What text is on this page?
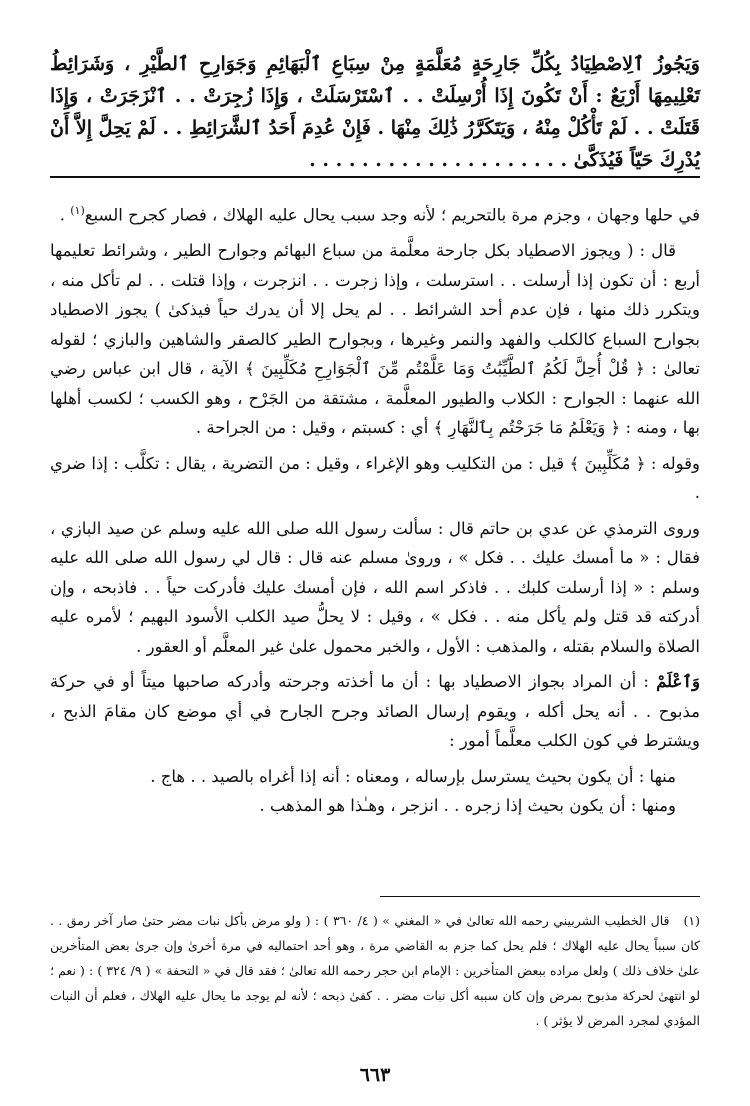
وَيَجُوزُ ٱلِاصْطِيَادُ بِكُلِّ جَارِحَةٍ مُعَلَّمَةٍ مِنْ سِبَاعِ ٱلْبَهَائِمِ وَجَوَارِحِ ٱلطَّيْرِ ، وَشَرَائِطُ تَعْلِيمِهَا أَرْبَعٌ : أَنْ تَكُونَ إِذَا أُرْسِلَتْ . . ٱسْتَرْسَلَتْ ، وَإِذَا زُجِرَتْ . . ٱنْزَجَرَتْ ، وَإِذَا قَتَلَتْ . . لَمْ تَأْكُلْ مِنْهُ ، وَيَتَكَرَّرُ ذَٰلِكَ مِنْهَا . فَإِنْ عُدِمَ أَحَدُ ٱلشَّرَائِطِ . . لَمْ يَحِلَّ إِلاَّ أَنْ يُدْرِكَ حَيّاً فَيُذَكَّىٰ . . . . . . . . . . . . . . . . . . . .

في حلها وجهان ، وجزم مرة بالتحريم ؛ لأنه وجد سبب يحال عليه الهلاك ، فصار كجرح السبع$^{(١)}$ .

قال : ( ويجوز الاصطياد بكل جارحة معلَّمة من سباع البهائم وجوارح الطير ، وشرائط تعليمها أربع : أن تكون إذا أرسلت . . استرسلت ، وإذا زجرت . . انزجرت ، وإذا قتلت . . لم تأكل منه ، ويتكرر ذلك منها ، فإن عدم أحد الشرائط . . لم يحل إلا أن يدرك حياً فيذكىٰ ) يجوز الاصطياد بجوارح السباع كالكلب والفهد والنمر وغيرها ، وبجوارح الطير كالصقر والشاهين والبازي ؛ لقوله تعالىٰ : ﴿ قُلْ أُحِلَّ لَكُمُ ٱلطَّيِّبَٰتُ وَمَا عَلَّمْتُم مِّنَ ٱلْجَوَارِحِ مُكَلِّبِينَ ﴾ الآية ، قال ابن عباس رضي الله عنهما : الجوارح : الكلاب والطيور المعلَّمة ، مشتقة من الجَرْح ، وهو الكسب ؛ لكسب أهلها بها ، ومنه : ﴿ وَيَعْلَمُ مَا جَرَحْتُم بِٱلنَّهَارِ ﴾ أي : كسبتم ، وقيل : من الجراحة .

وقوله : ﴿ مُكَلِّبِينَ ﴾ قيل : من التكليب وهو الإغراء ، وقيل : من التضرية ، يقال : تكلَّب : إذا ضري .

وروى الترمذي عن عدي بن حاتم قال : سألت رسول الله صلى الله عليه وسلم عن صيد البازي ، فقال : « ما أمسك عليك . . فكل » ، وروىٰ مسلم عنه قال : قال لي رسول الله صلى الله عليه وسلم : « إذا أرسلت كلبك . . فاذكر اسم الله ، فإن أمسك عليك فأدركت حياً . . فاذبحه ، وإن أدركته قد قتل ولم يأكل منه . . فكل » ، وقيل : لا يحلُّ صيد الكلب الأسود البهيم ؛ لأمره عليه الصلاة والسلام بقتله ، والمذهب : الأول ، والخبر محمول علىٰ غير المعلَّم أو العقور .

وَٱعْلَمْ : أن المراد بجواز الاصطياد بها : أن ما أخذته وجرحته وأدركه صاحبها ميتاً أو في حركة مذبوح . . أنه يحل أكله ، ويقوم إرسال الصائد وجرح الجارح في أي موضع كان مقامَ الذبح ، ويشترط في كون الكلب معلَّماً أمور :

منها : أن يكون بحيث يسترسل بإرساله ، ومعناه : أنه إذا أغراه بالصيد . . هاج .

ومنها : أن يكون بحيث إذا زجره . . انزجر ، وهـٰذا هو المذهب .

(١)قال الخطيب الشربيني رحمه الله تعالىٰ في « المغني » ( ٤/ ٣٦٠ ) : ( ولو مرض بأكل نبات مضر حتىٰ صار آخر رمق . . كان سبباً يحال عليه الهلاك ؛ فلم يحل كما جزم به القاضي مرة ، وهو أحد احتماليه في مرة أخرىٰ وإن جرىٰ بعض المتأخرين علىٰ خلاف ذلك ) ولعل مراده ببعض المتأخرين : الإمام ابن حجر رحمه الله تعالىٰ ؛ فقد قال في « التحفة » ( ٩/ ٣٢٤ ) : ( نعم ؛ لو انتهىٰ لحركة مذبوح بمرض وإن كان سببه أكل نبات مضر . . كفىٰ ذبحه ؛ لأنه لم يوجد ما يحال عليه الهلاك ، فعلم أن النبات المؤدي لمجرد المرض لا يؤثر ) .
٦٦٣
